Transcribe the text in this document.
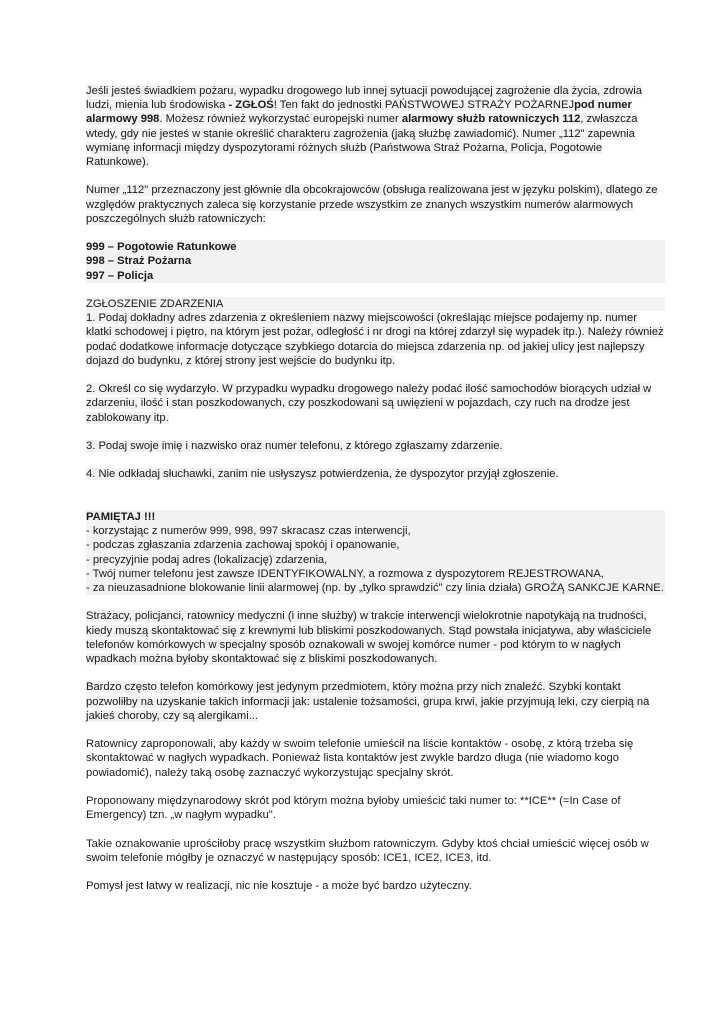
Jeśli jesteś świadkiem pożaru, wypadku drogowego lub innej sytuacji powodującej zagrożenie dla życia, zdrowia ludzi, mienia lub środowiska - ZGŁOŚ! Ten fakt do jednostki PAŃSTWOWEJ STRAŻY POŻARNEJpod numer alarmowy 998. Możesz również wykorzystać europejski numer alarmowy służb ratowniczych 112, zwłaszcza wtedy, gdy nie jesteś w stanie określić charakteru zagrożenia (jaką służbę zawiadomić). Numer „112" zapewnia wymianę informacji między dyspozytorami różnych służb (Państwowa Straż Pożarna, Policja, Pogotowie Ratunkowe).

Numer „112" przeznaczony jest głównie dla obcokrajowców (obsługa realizowana jest w języku polskim), dlatego ze względów praktycznych zaleca się korzystanie przede wszystkim ze znanych wszystkim numerów alarmowych poszczególnych służb ratowniczych:

999 – Pogotowie Ratunkowe
998 – Straż Pożarna
997 – Policja

ZGŁOSZENIE ZDARZENIA
1. Podaj dokładny adres zdarzenia z określeniem nazwy miejscowości (określając miejsce podajemy np. numer klatki schodowej i piętro, na którym jest pożar, odległość i nr drogi na której zdarzył się wypadek itp.). Należy również podać dodatkowe informacje dotyczące szybkiego dotarcia do miejsca zdarzenia np. od jakiej ulicy jest najlepszy dojazd do budynku, z której strony jest wejście do budynku itp.

2. Określ co się wydarzyło. W przypadku wypadku drogowego należy podać ilość samochodów biorących udział w zdarzeniu, ilość i stan poszkodowanych, czy poszkodowani są uwięzieni w pojazdach, czy ruch na drodze jest zablokowany itp.

3. Podaj swoje imię i nazwisko oraz numer telefonu, z którego zgłaszamy zdarzenie.

4. Nie odkładaj słuchawki, zanim nie usłyszysz potwierdzenia, że dyspozytor przyjął zgłoszenie.

PAMIĘTAJ !!!
- korzystając z numerów 999, 998, 997 skracasz czas interwencji,
- podczas zgłaszania zdarzenia zachowaj spokój i opanowanie,
- precyzyjnie podaj adres (lokalizację) zdarzenia,
- Twój numer telefonu jest zawsze IDENTYFIKOWALNY, a rozmowa z dyspozytorem REJESTROWANA,
- za nieuzasadnione blokowanie linii alarmowej (np. by „tylko sprawdzić" czy linia działa) GROŻĄ SANKCJE KARNE.

Strażacy, policjanci, ratownicy medyczni (i inne służby) w trakcie interwencji wielokrotnie napotykają na trudności, kiedy muszą skontaktować się z krewnymi lub bliskimi poszkodowanych. Stąd powstała inicjatywa, aby właściciele telefonów komórkowych w specjalny sposób oznakowali w swojej komórce numer - pod którym to w nagłych wpadkach można byłoby skontaktować się z bliskimi poszkodowanych.

Bardzo często telefon komórkowy jest jedynym przedmiotem, który można przy nich znaleźć. Szybki kontakt pozwoliłby na uzyskanie takich informacji jak: ustalenie tożsamości, grupa krwi, jakie przyjmują leki, czy cierpią na jakieś choroby, czy są alergikami...

Ratownicy zaproponowali, aby każdy w swoim telefonie umieścił na liście kontaktów - osobę, z którą trzeba się skontaktować w nagłych wypadkach. Ponieważ lista kontaktów jest zwykle bardzo długa (nie wiadomo kogo powiadomić), należy taką osobę zaznaczyć wykorzystując specjalny skrót.

Proponowany międzynarodowy skrót pod którym można byłoby umieścić taki numer to: **ICE** (=In Case of Emergency) tzn. „w nagłym wypadku".

Takie oznakowanie uprościłoby pracę wszystkim służbom ratowniczym. Gdyby ktoś chciał umieścić więcej osób w swoim telefonie mógłby je oznaczyć w następujący sposób: ICE1, ICE2, ICE3, itd.

Pomysł jest łatwy w realizacji, nic nie kosztuje - a może być bardzo użyteczny.
